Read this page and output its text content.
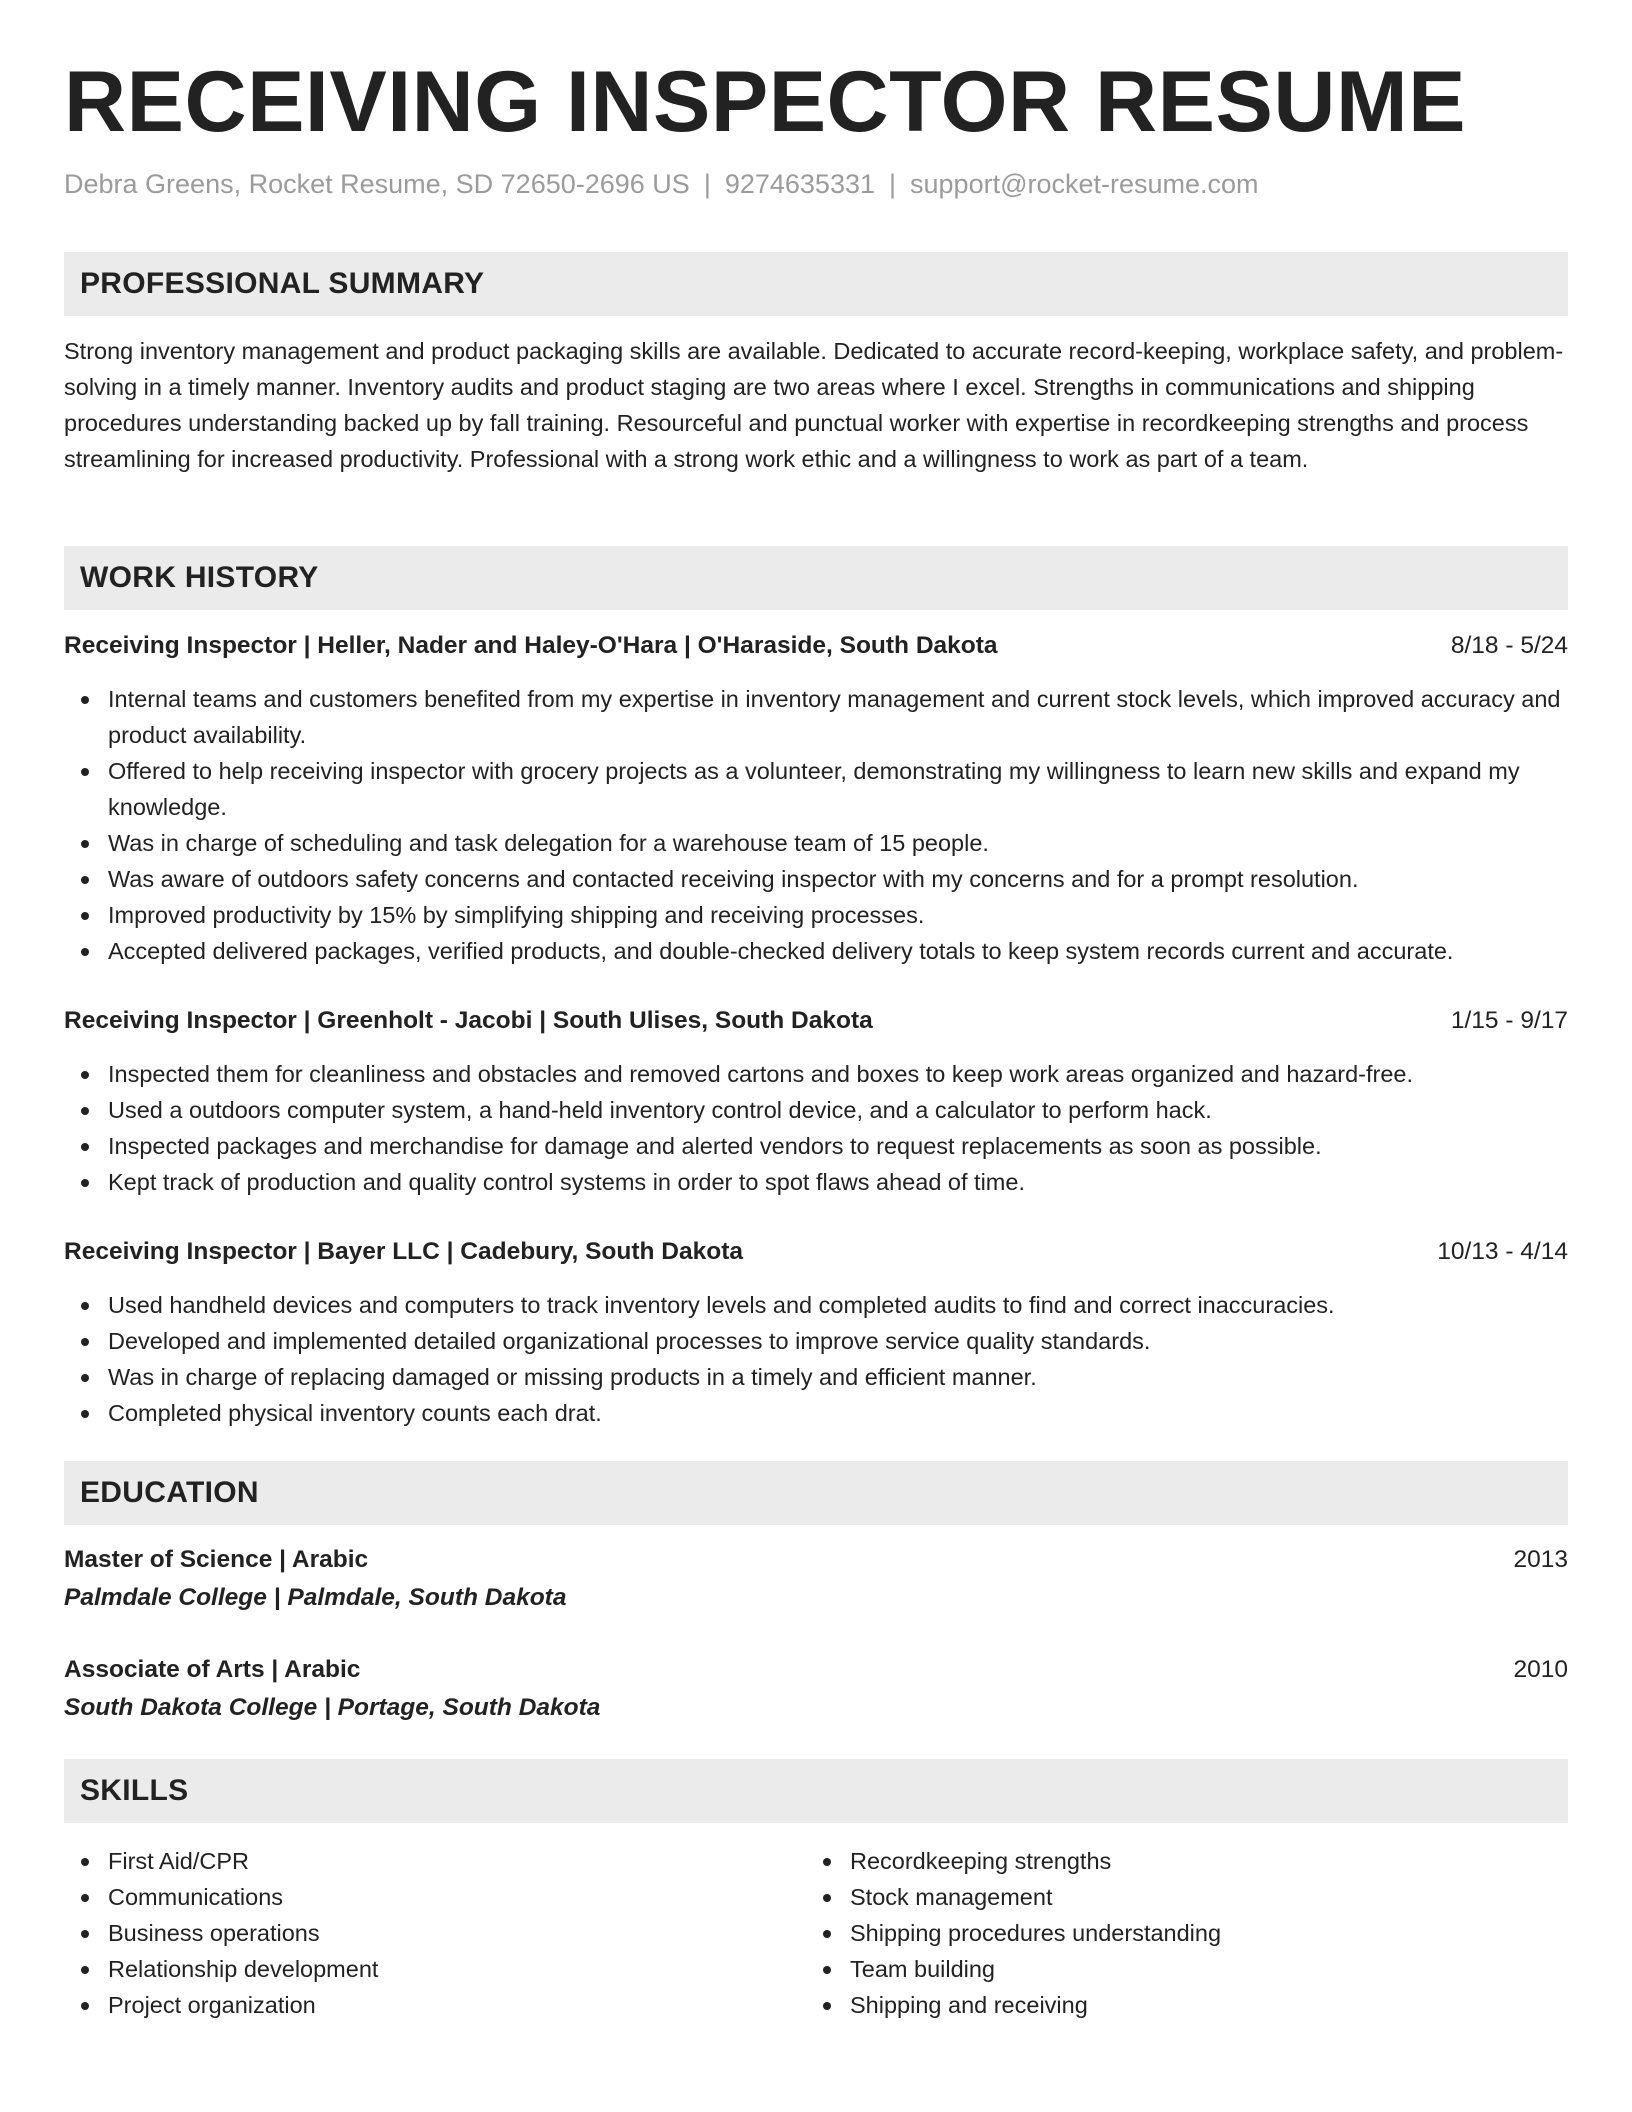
RECEIVING INSPECTOR RESUME
Debra Greens, Rocket Resume, SD 72650-2696 US | 9274635331 | support@rocket-resume.com
PROFESSIONAL SUMMARY

Strong inventory management and product packaging skills are available. Dedicated to accurate record-keeping, workplace safety, and problem-solving in a timely manner. Inventory audits and product staging are two areas where I excel. Strengths in communications and shipping procedures understanding backed up by fall training. Resourceful and punctual worker with expertise in recordkeeping strengths and process streamlining for increased productivity. Professional with a strong work ethic and a willingness to work as part of a team.

WORK HISTORY
Receiving Inspector | Heller, Nader and Haley-O'Hara | O'Haraside, South Dakota	8/18 - 5/24
Internal teams and customers benefited from my expertise in inventory management and current stock levels, which improved accuracy and product availability.
Offered to help receiving inspector with grocery projects as a volunteer, demonstrating my willingness to learn new skills and expand my knowledge.
Was in charge of scheduling and task delegation for a warehouse team of 15 people.
Was aware of outdoors safety concerns and contacted receiving inspector with my concerns and for a prompt resolution.
Improved productivity by 15% by simplifying shipping and receiving processes.
Accepted delivered packages, verified products, and double-checked delivery totals to keep system records current and accurate.
Receiving Inspector | Greenholt - Jacobi | South Ulises, South Dakota	1/15 - 9/17
Inspected them for cleanliness and obstacles and removed cartons and boxes to keep work areas organized and hazard-free.
Used a outdoors computer system, a hand-held inventory control device, and a calculator to perform hack.
Inspected packages and merchandise for damage and alerted vendors to request replacements as soon as possible.
Kept track of production and quality control systems in order to spot flaws ahead of time.
Receiving Inspector | Bayer LLC | Cadebury, South Dakota	10/13 - 4/14
Used handheld devices and computers to track inventory levels and completed audits to find and correct inaccuracies.
Developed and implemented detailed organizational processes to improve service quality standards.
Was in charge of replacing damaged or missing products in a timely and efficient manner.
Completed physical inventory counts each drat.
EDUCATION
Master of Science | Arabic	2013
Palmdale College | Palmdale, South Dakota
Associate of Arts | Arabic	2010
South Dakota College | Portage, South Dakota
SKILLS
First Aid/CPR
Communications
Business operations
Relationship development
Project organization
Recordkeeping strengths
Stock management
Shipping procedures understanding
Team building
Shipping and receiving
